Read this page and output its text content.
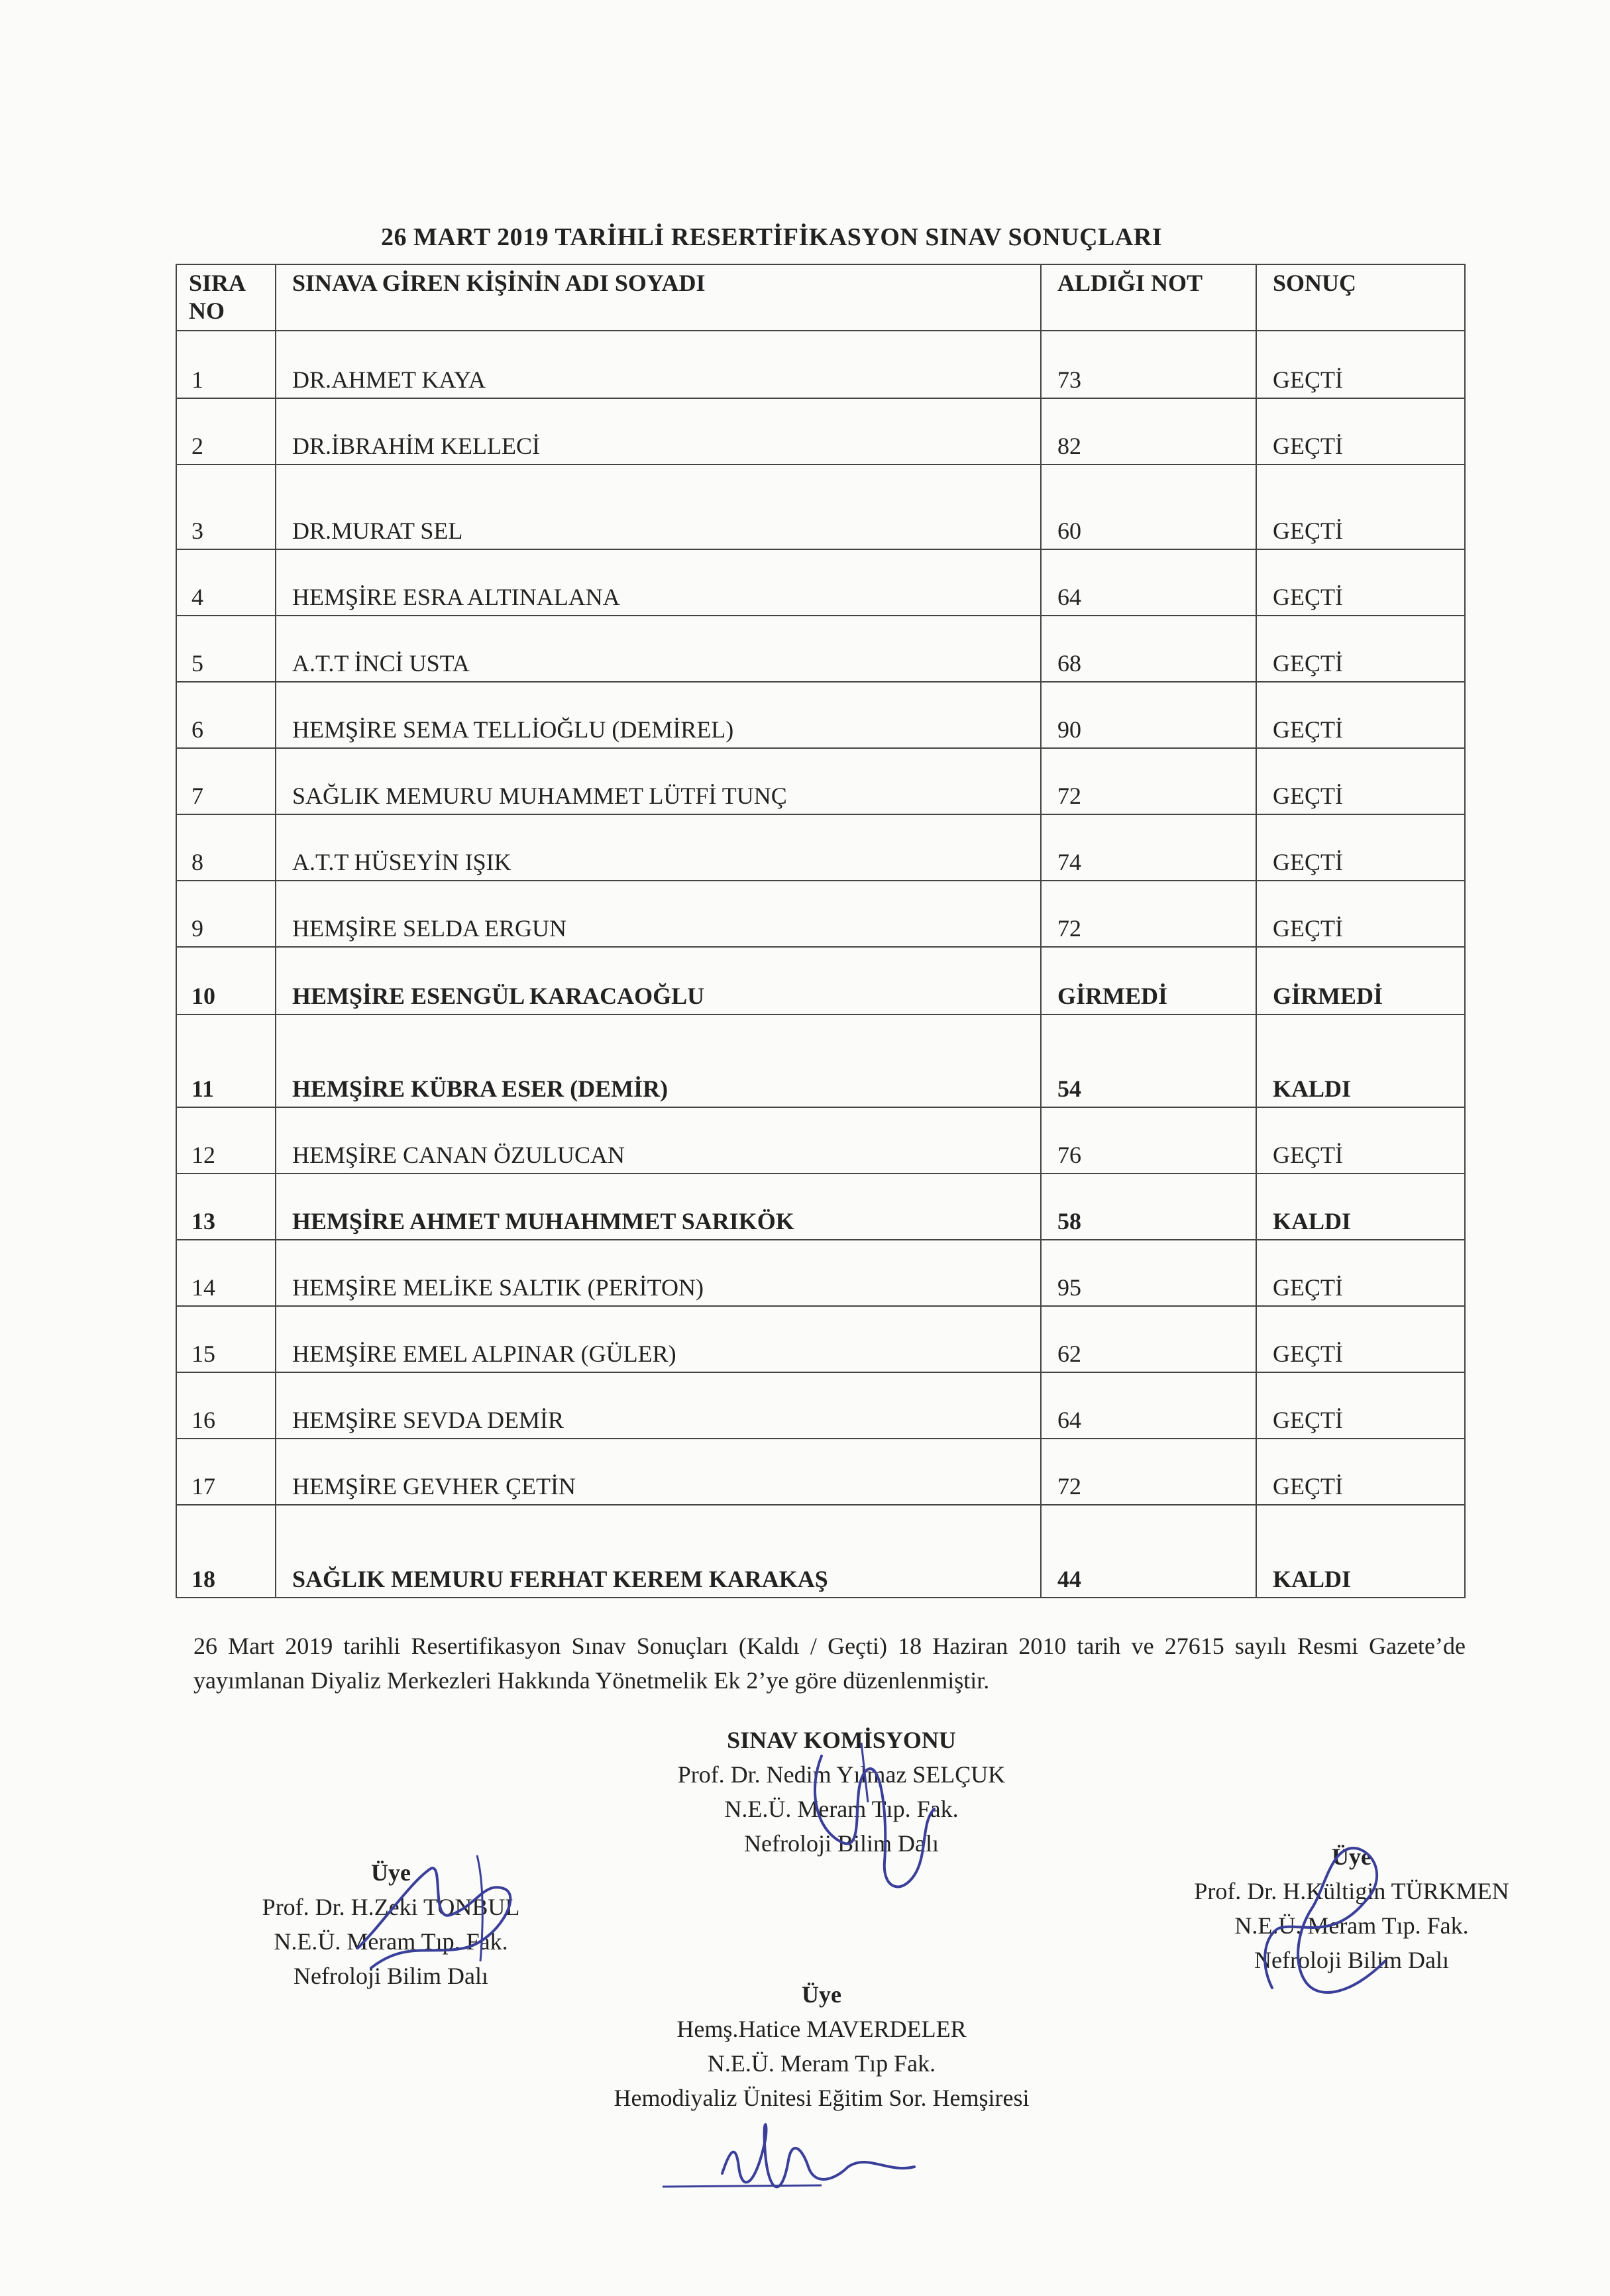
26 MART 2019 TARİHLİ RESERTİFİKASYON SINAV SONUÇLARI
SIRA NO	SINAVA GİREN KİŞİNİN ADI SOYADI	ALDIĞI NOT	SONUÇ
1	DR.AHMET KAYA	73	GEÇTİ
2	DR.İBRAHİM KELLECİ	82	GEÇTİ
3	DR.MURAT SEL	60	GEÇTİ
4	HEMŞİRE ESRA ALTINALANA	64	GEÇTİ
5	A.T.T İNCİ USTA	68	GEÇTİ
6	HEMŞİRE SEMA TELLİOĞLU (DEMİREL)	90	GEÇTİ
7	SAĞLIK MEMURU MUHAMMET LÜTFİ TUNÇ	72	GEÇTİ
8	A.T.T HÜSEYİN IŞIK	74	GEÇTİ
9	HEMŞİRE SELDA ERGUN	72	GEÇTİ
10	HEMŞİRE ESENGÜL KARACAOĞLU	GİRMEDİ	GİRMEDİ
11	HEMŞİRE KÜBRA ESER (DEMİR)	54	KALDI
12	HEMŞİRE CANAN ÖZULUCAN	76	GEÇTİ
13	HEMŞİRE AHMET MUHAHMMET SARIKÖK	58	KALDI
14	HEMŞİRE MELİKE SALTIK (PERİTON)	95	GEÇTİ
15	HEMŞİRE EMEL ALPINAR (GÜLER)	62	GEÇTİ
16	HEMŞİRE SEVDA DEMİR	64	GEÇTİ
17	HEMŞİRE GEVHER ÇETİN	72	GEÇTİ
18	SAĞLIK MEMURU FERHAT KEREM KARAKAŞ	44	KALDI
26 Mart 2019 tarihli Resertifikasyon Sınav Sonuçları (Kaldı / Geçti) 18 Haziran 2010 tarih ve 27615 sayılı Resmi Gazete’de yayımlanan Diyaliz Merkezleri Hakkında Yönetmelik Ek 2’ye göre düzenlenmiştir.
SINAV KOMİSYONU
Prof. Dr. Nedim Yılmaz SELÇUK
N.E.Ü. Meram Tıp. Fak.
Nefroloji Bilim Dalı
Üye
Prof. Dr. H.Zeki TONBUL
N.E.Ü. Meram Tıp. Fak.
Nefroloji Bilim Dalı
Üye
Prof. Dr. H.Kültigin TÜRKMEN
N.E.Ü. Meram Tıp. Fak.
Nefroloji Bilim Dalı
Üye
Hemş.Hatice MAVERDELER
N.E.Ü. Meram Tıp Fak.
Hemodiyaliz Ünitesi Eğitim Sor. Hemşiresi
